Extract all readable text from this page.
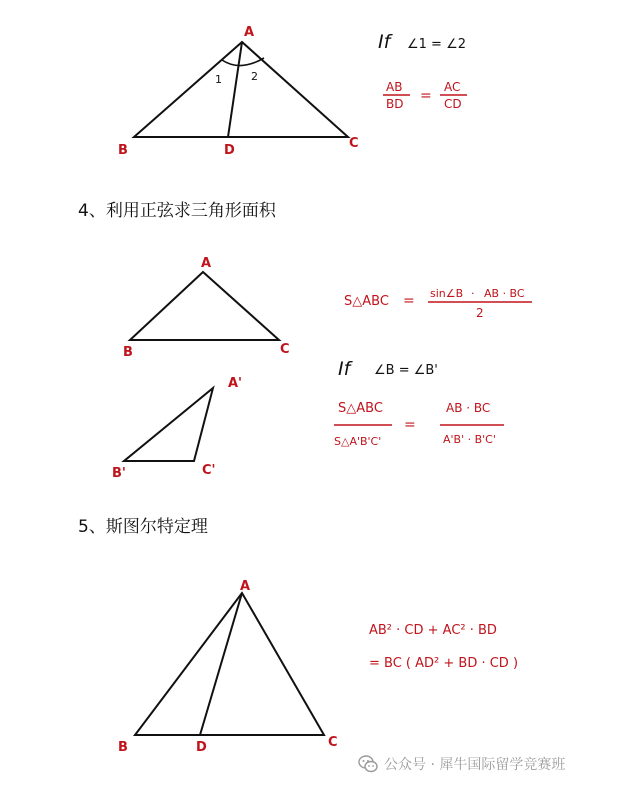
A
B	D	C
1	2
If ∠1 = ∠2
AB
BD =
AC
CD
A
B	C
A'
B'	C'
S△ABC = sin∠B · AB · BC
2
If ∠B = ∠B'
S△ABC
S△A'B'C'
=
AB · BC
A'B' · B'C'
A
B	D	C
AB² · CD + AC² · BD
= BC ( AD² + BD · CD )
4、利用正弦求三角形面积
5、斯图尔特定理
公众号 · 犀牛国际留学竞赛班
